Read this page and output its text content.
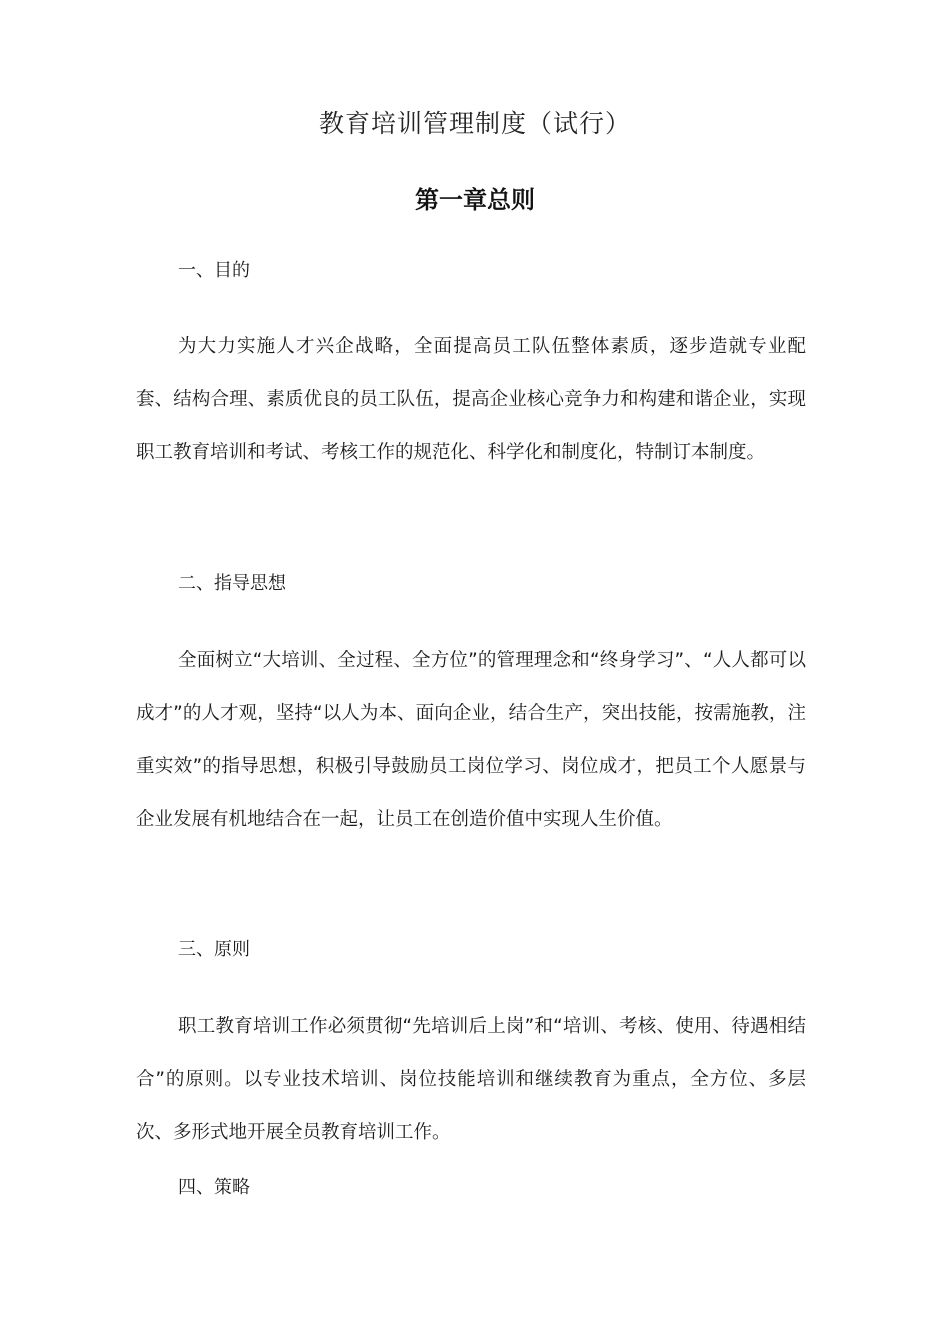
教育培训管理制度（试行）
第一章总则
一、目的

为大力实施人才兴企战略，全面提高员工队伍整体素质，逐步造就专业配套、结构合理、素质优良的员工队伍，提高企业核心竞争力和构建和谐企业，实现职工教育培训和考试、考核工作的规范化、科学化和制度化，特制订本制度。

二、指导思想

全面树立“大培训、全过程、全方位”的管理理念和“终身学习”、“人人都可以成才”的人才观，坚持“以人为本、面向企业，结合生产，突出技能，按需施教，注重实效”的指导思想，积极引导鼓励员工岗位学习、岗位成才，把员工个人愿景与企业发展有机地结合在一起，让员工在创造价值中实现人生价值。

三、原则

职工教育培训工作必须贯彻“先培训后上岗”和“培训、考核、使用、待遇相结合”的原则。以专业技术培训、岗位技能培训和继续教育为重点，全方位、多层次、多形式地开展全员教育培训工作。

四、策略
